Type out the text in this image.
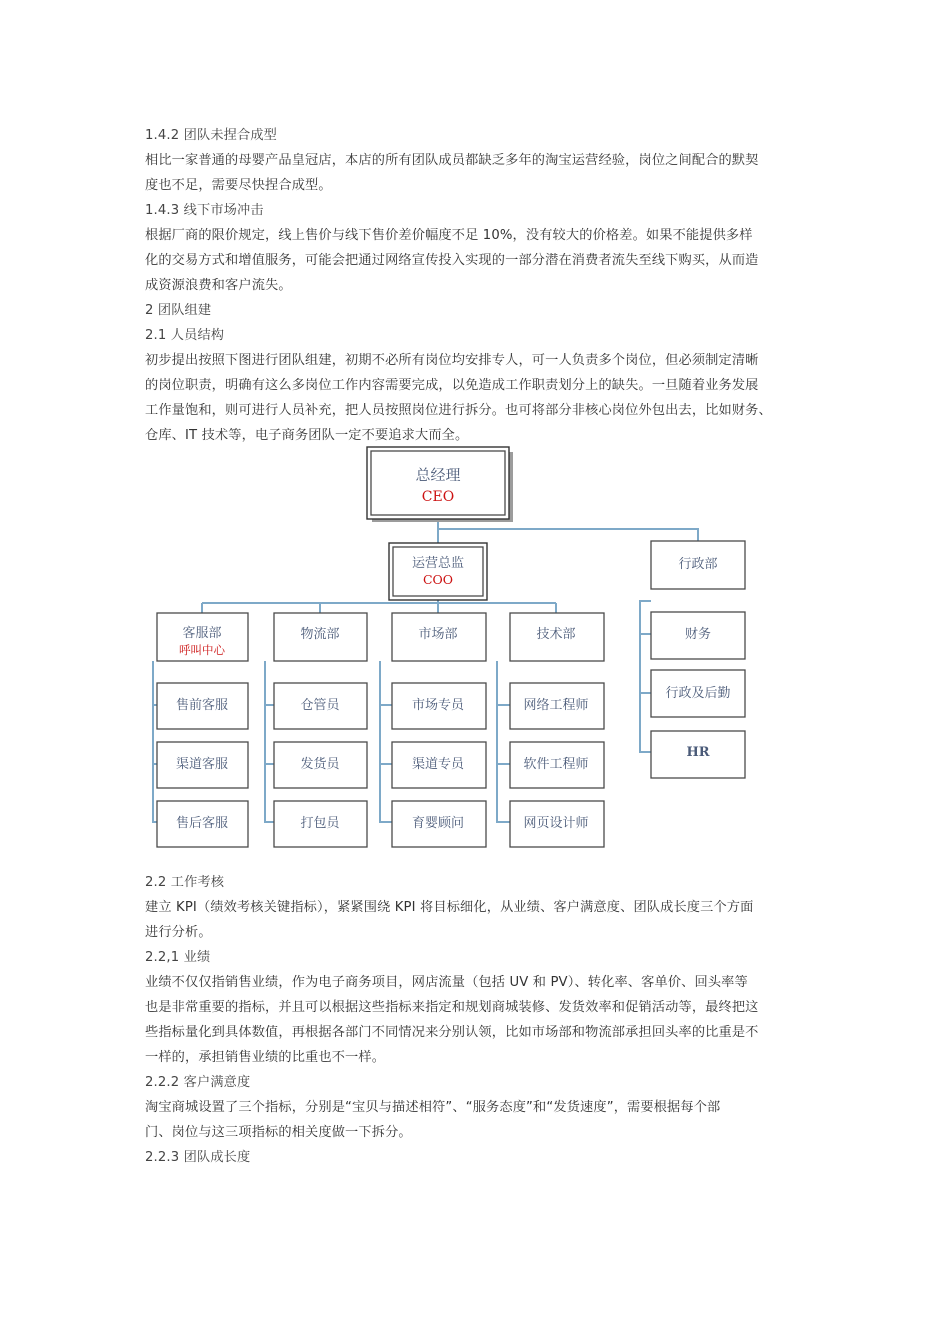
1.4.2 团队未捏合成型
相比一家普通的母婴产品皇冠店，本店的所有团队成员都缺乏多年的淘宝运营经验，岗位之间配合的默契
度也不足，需要尽快捏合成型。
1.4.3 线下市场冲击
根据厂商的限价规定，线上售价与线下售价差价幅度不足 10%，没有较大的价格差。如果不能提供多样
化的交易方式和增值服务，可能会把通过网络宣传投入实现的一部分潜在消费者流失至线下购买，从而造
成资源浪费和客户流失。
2 团队组建
2.1 人员结构
初步提出按照下图进行团队组建，初期不必所有岗位均安排专人，可一人负责多个岗位，但必须制定清晰
的岗位职责，明确有这么多岗位工作内容需要完成，以免造成工作职责划分上的缺失。一旦随着业务发展
工作量饱和，则可进行人员补充，把人员按照岗位进行拆分。也可将部分非核心岗位外包出去，比如财务、
仓库、IT 技术等，电子商务团队一定不要追求大而全。
总经理
CEO
运营总监
COO
行政部
客服部
呼叫中心
物流部	市场部	技术部
售前客服
渠道客服
售后客服
仓管员
发货员
打包员
市场专员
渠道专员
育婴顾问
网络工程师
软件工程师
网页设计师
财务
行政及后勤
HR
2.2 工作考核
建立 KPI（绩效考核关键指标），紧紧围绕 KPI 将目标细化，从业绩、客户满意度、团队成长度三个方面
进行分析。
2.2,1 业绩
业绩不仅仅指销售业绩，作为电子商务项目，网店流量（包括 UV 和 PV）、转化率、客单价、回头率等
也是非常重要的指标，并且可以根据这些指标来指定和规划商城装修、发货效率和促销活动等，最终把这
些指标量化到具体数值，再根据各部门不同情况来分别认领，比如市场部和物流部承担回头率的比重是不
一样的，承担销售业绩的比重也不一样。
2.2.2 客户满意度
淘宝商城设置了三个指标，分别是“宝贝与描述相符”、“服务态度”和“发货速度”，需要根据每个部
门、岗位与这三项指标的相关度做一下拆分。
2.2.3 团队成长度
